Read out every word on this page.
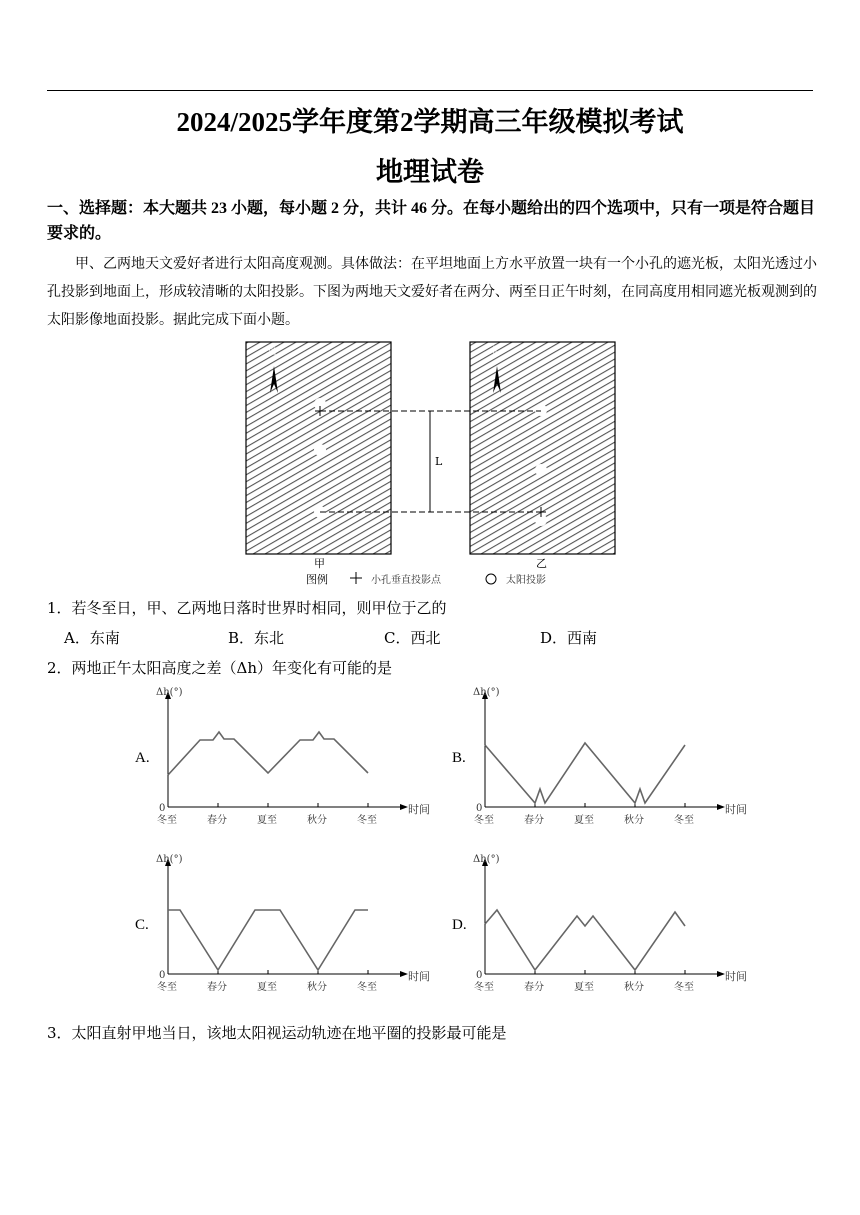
2024/2025学年度第2学期高三年级模拟考试
地理试卷
一、选择题：本大题共 23 小题，每小题 2 分，共计 46 分。在每小题给出的四个选项中，只有一项是符合题目要求的。
甲、乙两地天文爱好者进行太阳高度观测。具体做法：在平坦地面上方水平放置一块有一个小孔的遮光板，太阳光透过小孔投影到地面上，形成较清晰的太阳投影。下图为两地天文爱好者在两分、两至日正午时刻，在同高度用相同遮光板观测到的太阳影像地面投影。据此完成下面小题。
北	北
L
甲	乙
图例	小孔垂直投影点	太阳投影
1．若冬至日，甲、乙两地日落时世界时相同，则甲位于乙的
A．东南	B．东北	C．西北	D．西南
2．两地正午太阳高度之差（Δh）年变化有可能的是
A.	B.
C.	D.
Δh(°)
0	时间
冬至	春分	夏至	秋分	冬至
Δh(°)
0	时间
冬至	春分	夏至	秋分	冬至
Δh(°)
0	时间
冬至	春分	夏至	秋分	冬至
Δh(°)
0	时间
冬至	春分	夏至	秋分	冬至
3．太阳直射甲地当日，该地太阳视运动轨迹在地平圈的投影最可能是
